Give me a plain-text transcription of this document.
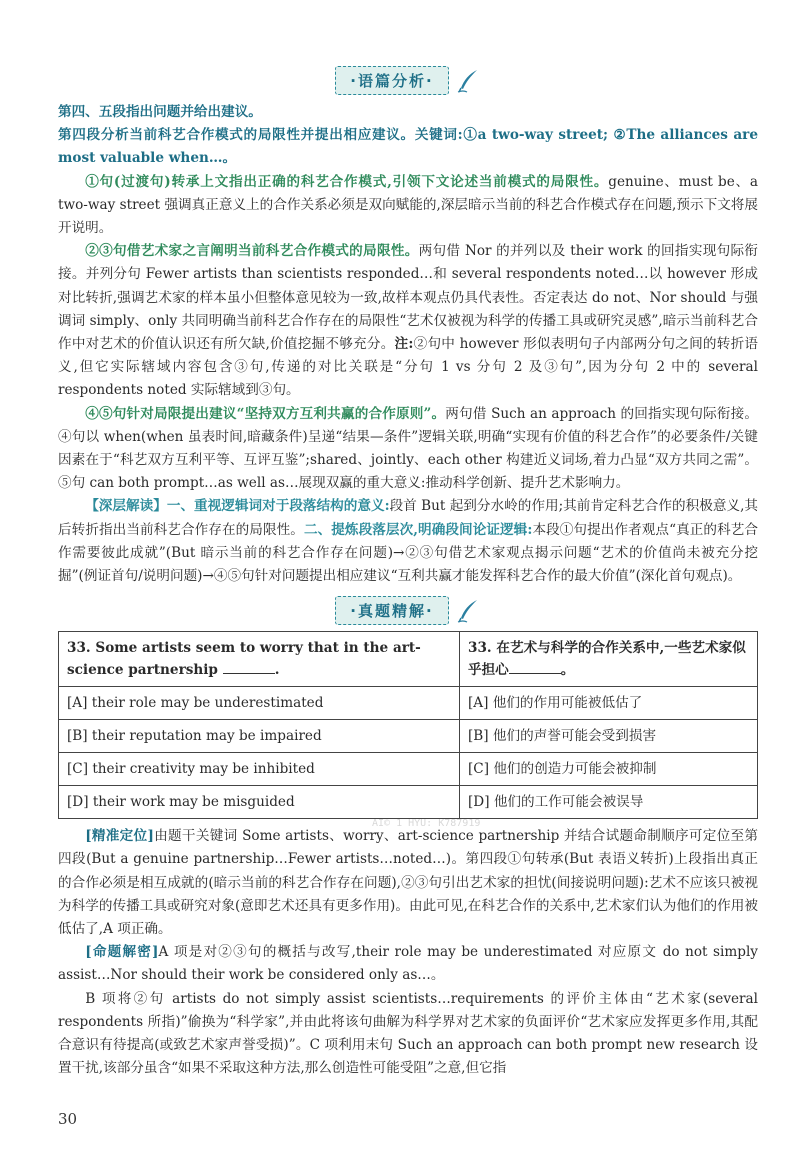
·语篇分析·

第四、五段指出问题并给出建议。

第四段分析当前科艺合作模式的局限性并提出相应建议。关键词:①a two-way street; ②The alliances are most valuable when…。

①句(过渡句)转承上文指出正确的科艺合作模式,引领下文论述当前模式的局限性。genuine、must be、a two-way street 强调真正意义上的合作关系必须是双向赋能的,深层暗示当前的科艺合作模式存在问题,预示下文将展开说明。

②③句借艺术家之言阐明当前科艺合作模式的局限性。两句借 Nor 的并列以及 their work 的回指实现句际衔接。并列分句 Fewer artists than scientists responded…和 several respondents noted…以 however 形成对比转折,强调艺术家的样本虽小但整体意见较为一致,故样本观点仍具代表性。否定表达 do not、Nor should 与强调词 simply、only 共同明确当前科艺合作存在的局限性“艺术仅被视为科学的传播工具或研究灵感”,暗示当前科艺合作中对艺术的价值认识还有所欠缺,价值挖掘不够充分。注:②句中 however 形似表明句子内部两分句之间的转折语义,但它实际辖域内容包含③句,传递的对比关联是“分句 1 vs 分句 2 及③句”,因为分句 2 中的 several respondents noted 实际辖域到③句。

④⑤句针对局限提出建议“坚持双方互利共赢的合作原则”。两句借 Such an approach 的回指实现句际衔接。④句以 when(when 虽表时间,暗藏条件)呈递“结果—条件”逻辑关联,明确“实现有价值的科艺合作”的必要条件/关键因素在于“科艺双方互利平等、互评互鉴”;shared、jointly、each other 构建近义词场,着力凸显“双方共同之需”。⑤句 can both prompt…as well as…展现双赢的重大意义:推动科学创新、提升艺术影响力。

【深层解读】一、重视逻辑词对于段落结构的意义:段首 But 起到分水岭的作用;其前肯定科艺合作的积极意义,其后转折指出当前科艺合作存在的局限性。二、提炼段落层次,明确段间论证逻辑:本段①句提出作者观点“真正的科艺合作需要彼此成就”(But 暗示当前的科艺合作存在问题)→②③句借艺术家观点揭示问题“艺术的价值尚未被充分挖掘”(例证首句/说明问题)→④⑤句针对问题提出相应建议“互利共赢才能发挥科艺合作的最大价值”(深化首句观点)。

·真题精解·
33. Some artists seem to worry that in the art-science partnership .	33. 在艺术与科学的合作关系中,一些艺术家似乎担心 。
[A] their role may be underestimated	[A] 他们的作用可能被低估了
[B] their reputation may be impaired	[B] 他们的声誉可能会受到损害
[C] their creativity may be inhibited	[C] 他们的创造力可能会被抑制
[D] their work may be misguided	[D] 他们的工作可能会被误导

[精准定位]由题干关键词 Some artists、worry、art-science partnership 并结合试题命制顺序可定位至第四段(But a genuine partnership…Fewer artists…noted…)。第四段①句转承(But 表语义转折)上段指出真正的合作必须是相互成就的(暗示当前的科艺合作存在问题),②③句引出艺术家的担忧(间接说明问题):艺术不应该只被视为科学的传播工具或研究对象(意即艺术还具有更多作用)。由此可见,在科艺合作的关系中,艺术家们认为他们的作用被低估了,A 项正确。

[命题解密]A 项是对②③句的概括与改写,their role may be underestimated 对应原文 do not simply assist…Nor should their work be considered only as…。

B 项将②句 artists do not simply assist scientists…requirements 的评价主体由“艺术家(several respondents 所指)”偷换为“科学家”,并由此将该句曲解为科学界对艺术家的负面评价“艺术家应发挥更多作用,其配合意识有待提高(或致艺术家声誉受损)”。C 项利用末句 Such an approach can both prompt new research 设置干扰,该部分虽含“如果不采取这种方法,那么创造性可能受阻”之意,但它指

AI© 1 HYU: K787919
30
